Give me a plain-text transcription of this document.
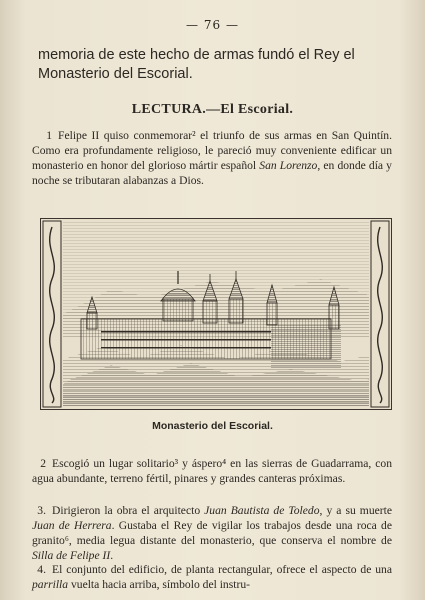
— 76 —
memoria de este hecho de armas fundó el Rey el Monasterio del Escorial.
LECTURA.—El Escorial.
1 Felipe II quiso conmemorar² el triunfo de sus armas en San Quintín. Como era profundamente religioso, le pareció muy conveniente edificar un monasterio en honor del glorioso mártir español San Lorenzo, en donde día y noche se tributaran alabanzas a Dios.
Monasterio del Escorial.
2 Escogió un lugar solitario³ y áspero⁴ en las sierras de Guadarrama, con agua abundante, terreno fértil, pinares y grandes canteras próximas.
3. Dirigieron la obra el arquitecto Juan Bautista de Toledo, y a su muerte Juan de Herrera. Gustaba el Rey de vigilar los trabajos desde una roca de granito⁶, media legua distante del monasterio, que conserva el nombre de Silla de Felipe II.
4. El conjunto del edificio, de planta rectangular, ofrece el aspecto de una parrilla vuelta hacia arriba, símbolo del instru-
